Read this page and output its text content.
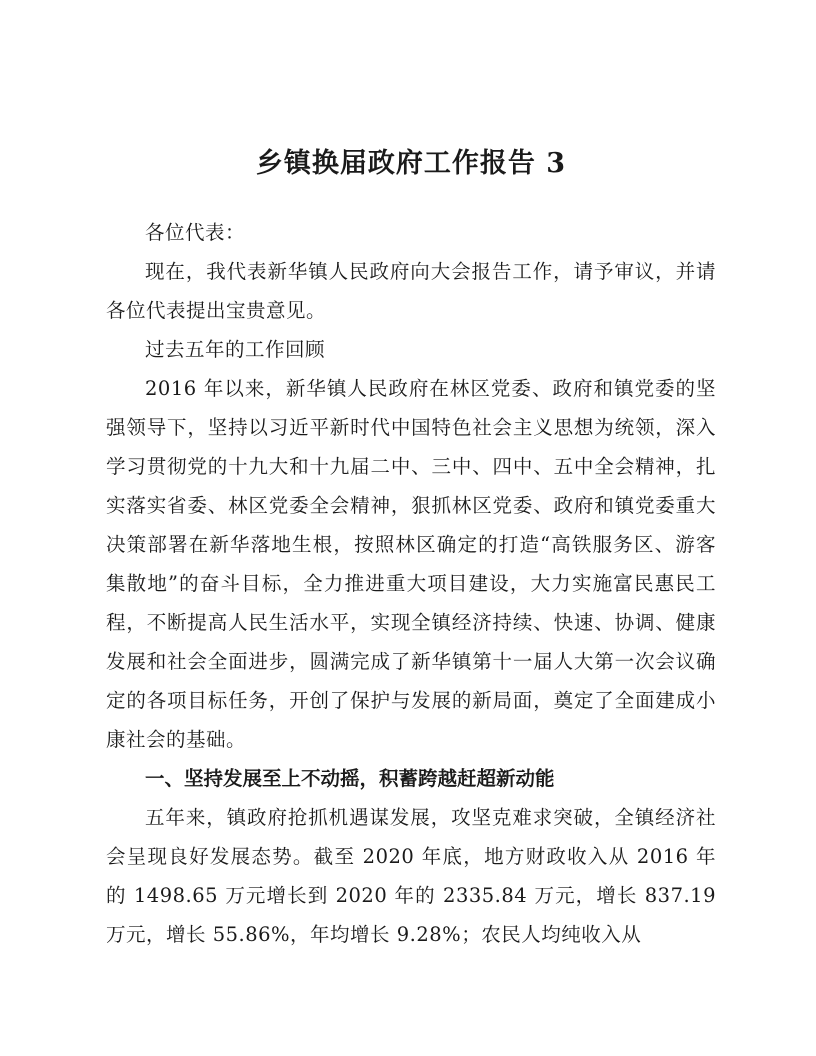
乡镇换届政府工作报告 3

各位代表：

现在，我代表新华镇人民政府向大会报告工作，请予审议，并请各位代表提出宝贵意见。

过去五年的工作回顾

2016 年以来，新华镇人民政府在林区党委、政府和镇党委的坚强领导下，坚持以习近平新时代中国特色社会主义思想为统领，深入学习贯彻党的十九大和十九届二中、三中、四中、五中全会精神，扎实落实省委、林区党委全会精神，狠抓林区党委、政府和镇党委重大决策部署在新华落地生根，按照林区确定的打造“高铁服务区、游客集散地”的奋斗目标，全力推进重大项目建设，大力实施富民惠民工程，不断提高人民生活水平，实现全镇经济持续、快速、协调、健康发展和社会全面进步，圆满完成了新华镇第十一届人大第一次会议确定的各项目标任务，开创了保护与发展的新局面，奠定了全面建成小康社会的基础。

一、坚持发展至上不动摇，积蓄跨越赶超新动能

五年来，镇政府抢抓机遇谋发展，攻坚克难求突破，全镇经济社会呈现良好发展态势。截至 2020 年底，地方财政收入从 2016 年的 1498.65 万元增长到 2020 年的 2335.84 万元，增长 837.19 万元，增长 55.86%，年均增长 9.28%；农民人均纯收入从
